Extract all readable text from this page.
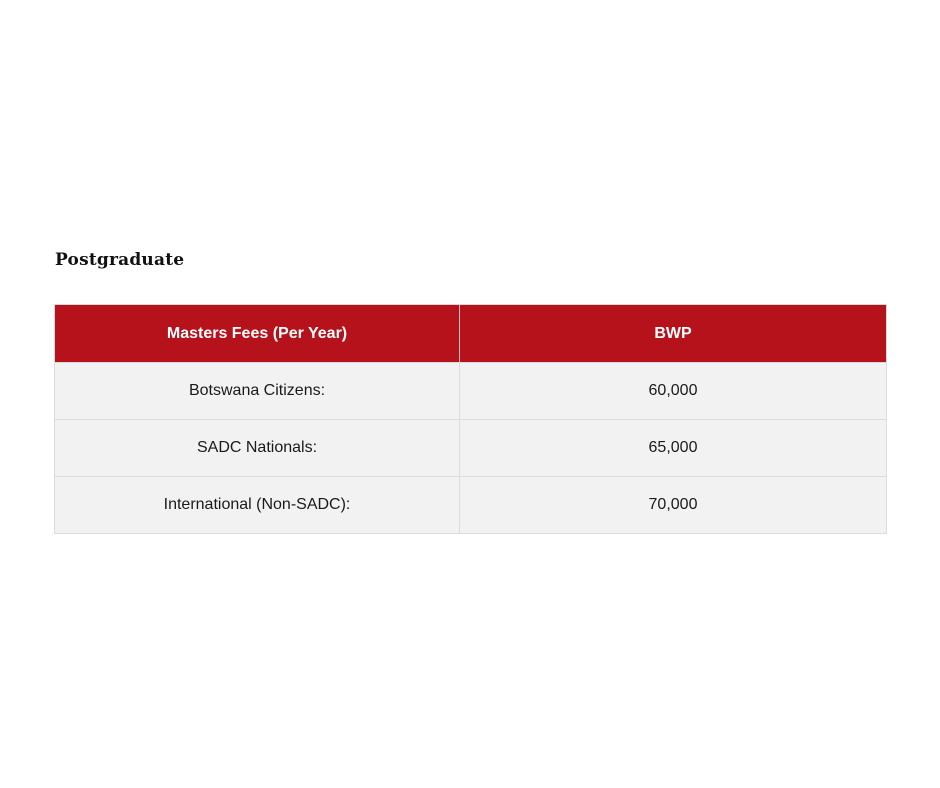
Postgraduate
Masters Fees (Per Year)	BWP
Botswana Citizens:	60,000
SADC Nationals:	65,000
International (Non-SADC):	70,000
